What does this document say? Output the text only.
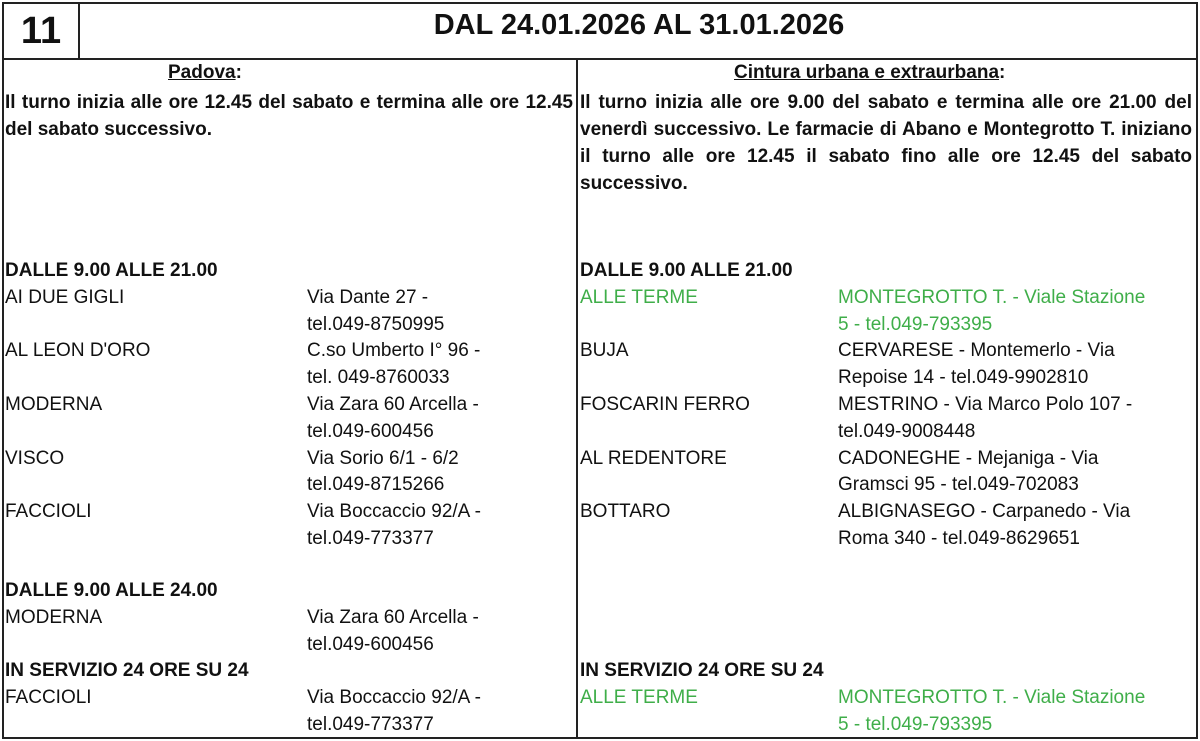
11	DAL 24.01.2026 AL 31.01.2026
Padova:
Il turno inizia alle ore 12.45 del sabato e termina alle ore 12.45 del sabato successivo.
Cintura urbana e extraurbana:
Il turno inizia alle ore 9.00 del sabato e termina alle ore 21.00 del venerdì successivo. Le farmacie di Abano e Montegrotto T. iniziano il turno alle ore 12.45 il sabato fino alle ore 12.45 del sabato successivo.
DALLE 9.00 ALLE 21.00
AI DUE GIGLI	Via Dante 27 -
tel.049-8750995
AL LEON D'ORO	C.so Umberto I° 96 -
tel. 049-8760033
MODERNA	Via Zara 60 Arcella -
tel.049-600456
VISCO	Via Sorio 6/1 - 6/2
tel.049-8715266
FACCIOLI	Via Boccaccio 92/A -
tel.049-773377
DALLE 9.00 ALLE 24.00
MODERNA	Via Zara 60 Arcella -
tel.049-600456
IN SERVIZIO 24 ORE SU 24
FACCIOLI	Via Boccaccio 92/A -
tel.049-773377
DALLE 9.00 ALLE 21.00
ALLE TERME	MONTEGROTTO T. - Viale Stazione
5 - tel.049-793395
BUJA	CERVARESE - Montemerlo - Via
Repoise 14 - tel.049-9902810
FOSCARIN FERRO	MESTRINO - Via Marco Polo 107 -
tel.049-9008448
AL REDENTORE	CADONEGHE - Mejaniga - Via
Gramsci 95 - tel.049-702083
BOTTARO	ALBIGNASEGO - Carpanedo - Via
Roma 340 - tel.049-8629651
IN SERVIZIO 24 ORE SU 24
ALLE TERME	MONTEGROTTO T. - Viale Stazione
5 - tel.049-793395
